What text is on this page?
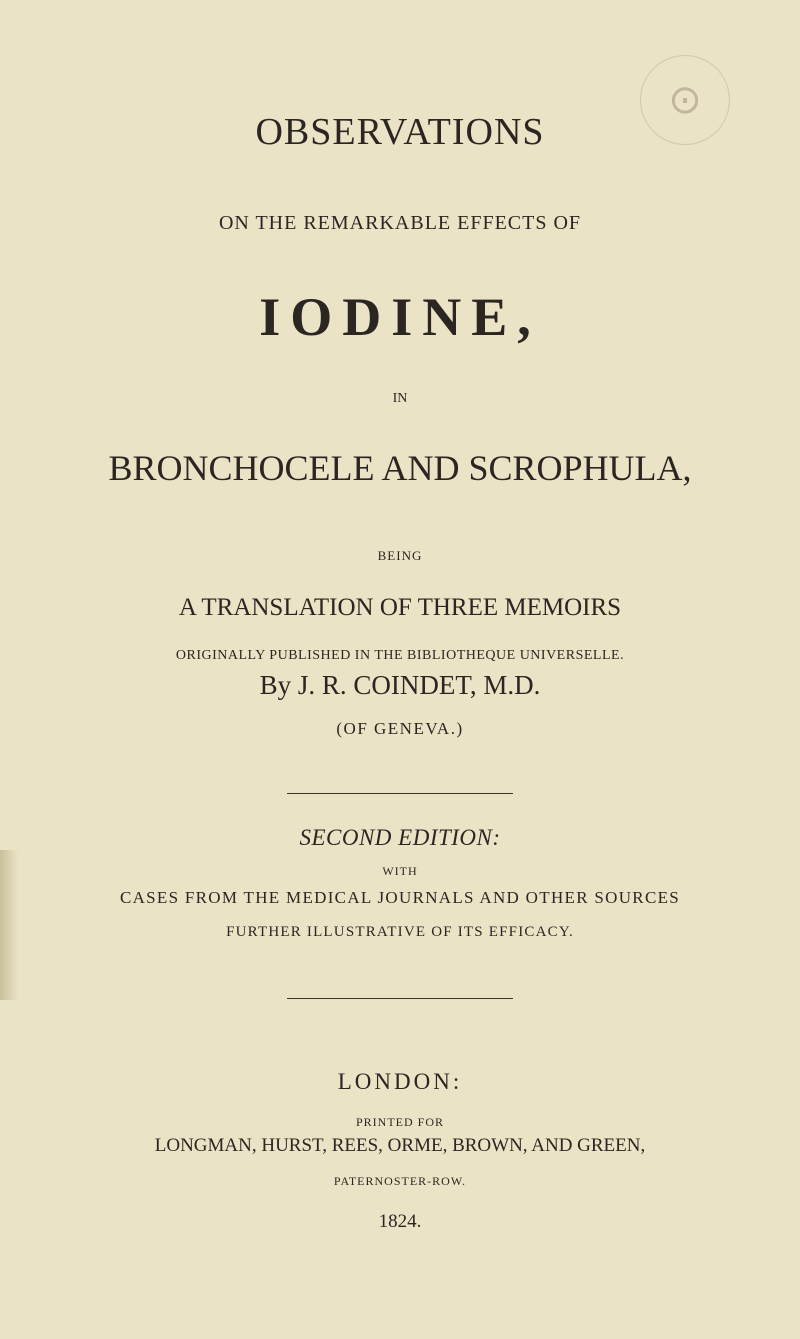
⊙
OBSERVATIONS
ON THE REMARKABLE EFFECTS OF
IODINE,
IN
BRONCHOCELE AND SCROPHULA,
BEING
A TRANSLATION OF THREE MEMOIRS
ORIGINALLY PUBLISHED IN THE BIBLIOTHEQUE UNIVERSELLE.
By J. R. COINDET, M.D.
(OF GENEVA.)
SECOND EDITION:
WITH
CASES FROM THE MEDICAL JOURNALS AND OTHER SOURCES
FURTHER ILLUSTRATIVE OF ITS EFFICACY.
LONDON:
PRINTED FOR
LONGMAN, HURST, REES, ORME, BROWN, AND GREEN,
PATERNOSTER-ROW.
1824.
